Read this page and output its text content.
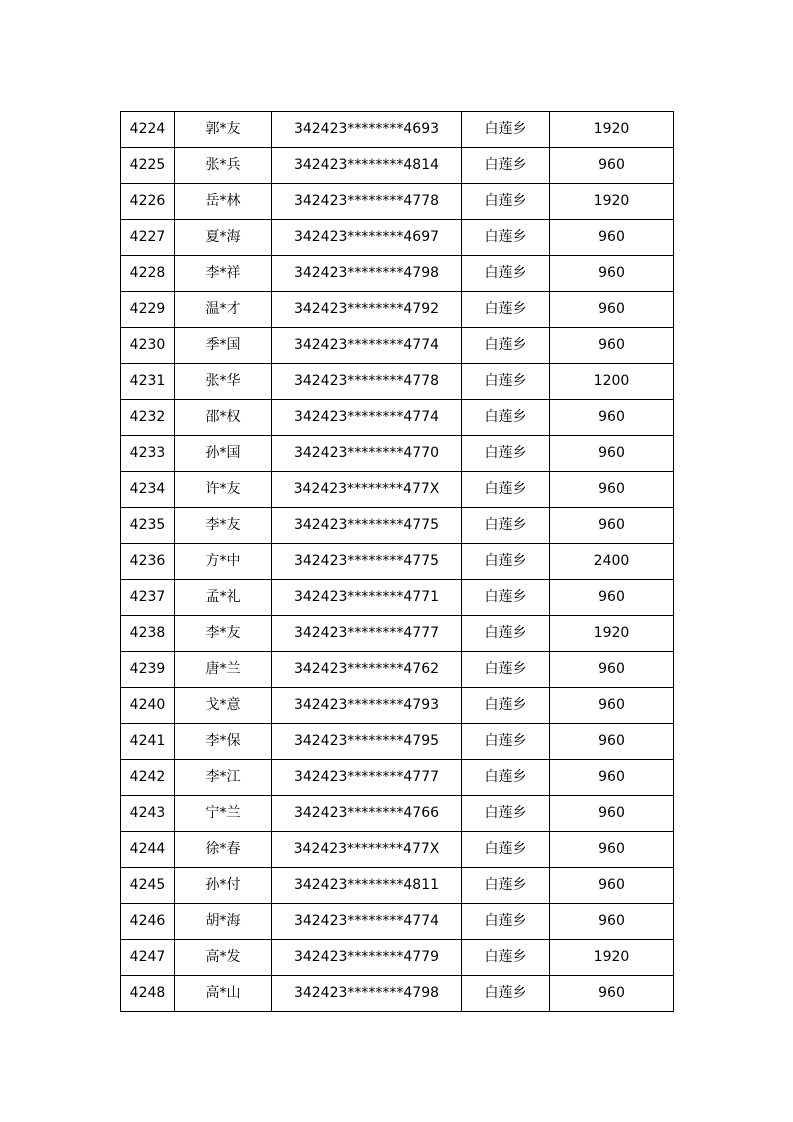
4224	郭*友	342423********4693	白莲乡	1920
4225	张*兵	342423********4814	白莲乡	960
4226	岳*林	342423********4778	白莲乡	1920
4227	夏*海	342423********4697	白莲乡	960
4228	李*祥	342423********4798	白莲乡	960
4229	温*才	342423********4792	白莲乡	960
4230	季*国	342423********4774	白莲乡	960
4231	张*华	342423********4778	白莲乡	1200
4232	邵*权	342423********4774	白莲乡	960
4233	孙*国	342423********4770	白莲乡	960
4234	许*友	342423********477X	白莲乡	960
4235	李*友	342423********4775	白莲乡	960
4236	方*中	342423********4775	白莲乡	2400
4237	孟*礼	342423********4771	白莲乡	960
4238	李*友	342423********4777	白莲乡	1920
4239	唐*兰	342423********4762	白莲乡	960
4240	戈*意	342423********4793	白莲乡	960
4241	李*保	342423********4795	白莲乡	960
4242	李*江	342423********4777	白莲乡	960
4243	宁*兰	342423********4766	白莲乡	960
4244	徐*春	342423********477X	白莲乡	960
4245	孙*付	342423********4811	白莲乡	960
4246	胡*海	342423********4774	白莲乡	960
4247	高*发	342423********4779	白莲乡	1920
4248	高*山	342423********4798	白莲乡	960
